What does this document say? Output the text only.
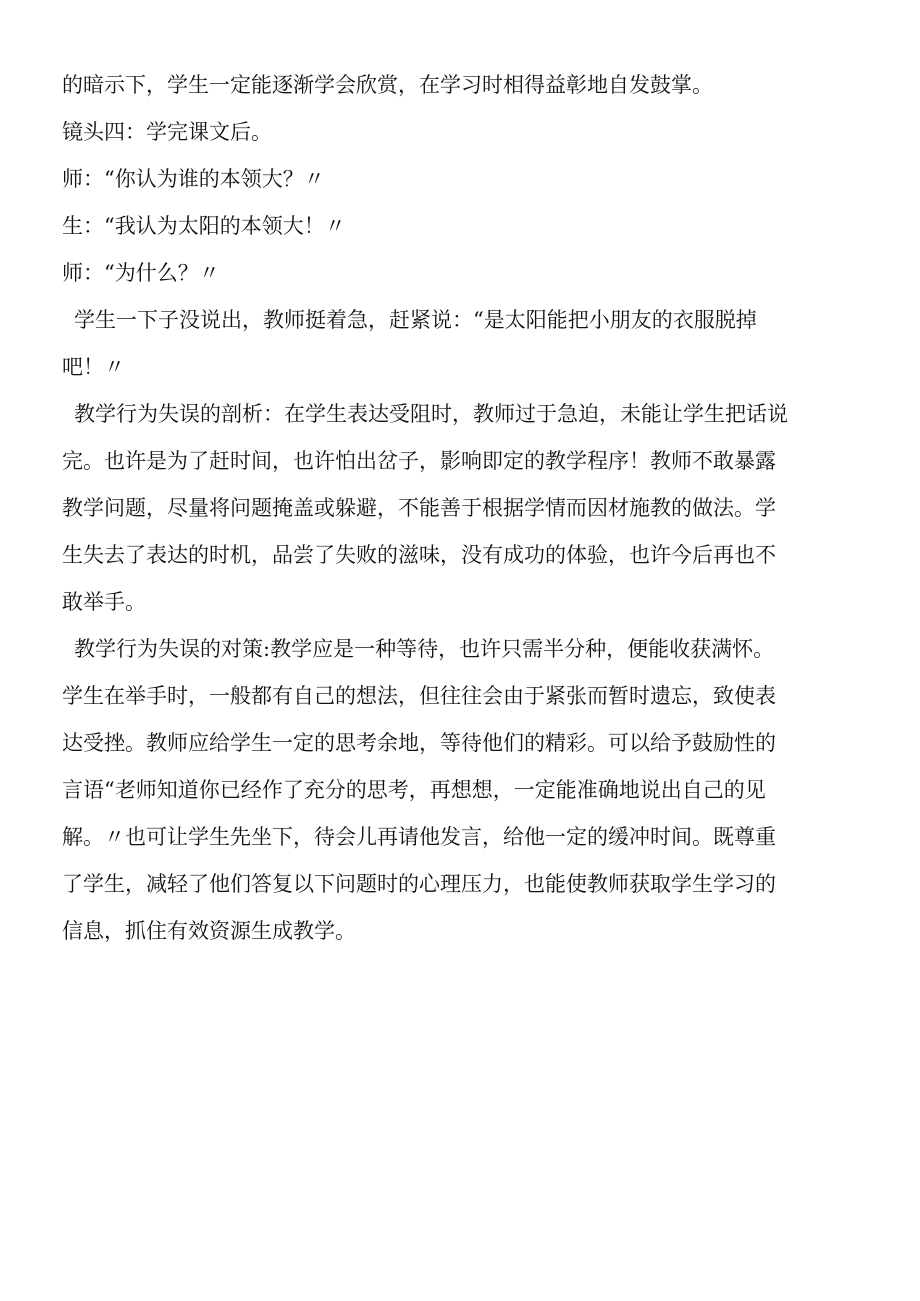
的暗示下，学生一定能逐渐学会欣赏，在学习时相得益彰地自发鼓掌。
镜头四：学完课文后。
师：“你认为谁的本领大？〃
生：“我认为太阳的本领大！〃
师：“为什么？〃
学生一下子没说出，教师挺着急，赶紧说：“是太阳能把小朋友的衣服脱掉
吧！〃
教学行为失误的剖析：在学生表达受阻时，教师过于急迫，未能让学生把话说
完。也许是为了赶时间，也许怕出岔子，影响即定的教学程序！教师不敢暴露
教学问题，尽量将问题掩盖或躲避，不能善于根据学情而因材施教的做法。学
生失去了表达的时机，品尝了失败的滋味，没有成功的体验，也许今后再也不
敢举手。
教学行为失误的对策:教学应是一种等待，也许只需半分种，便能收获满怀。
学生在举手时，一般都有自己的想法，但往往会由于紧张而暂时遗忘，致使表
达受挫。教师应给学生一定的思考余地，等待他们的精彩。可以给予鼓励性的
言语“老师知道你已经作了充分的思考，再想想，一定能准确地说出自己的见
解。〃也可让学生先坐下，待会儿再请他发言，给他一定的缓冲时间。既尊重
了学生，减轻了他们答复以下问题时的心理压力，也能使教师获取学生学习的
信息，抓住有效资源生成教学。
